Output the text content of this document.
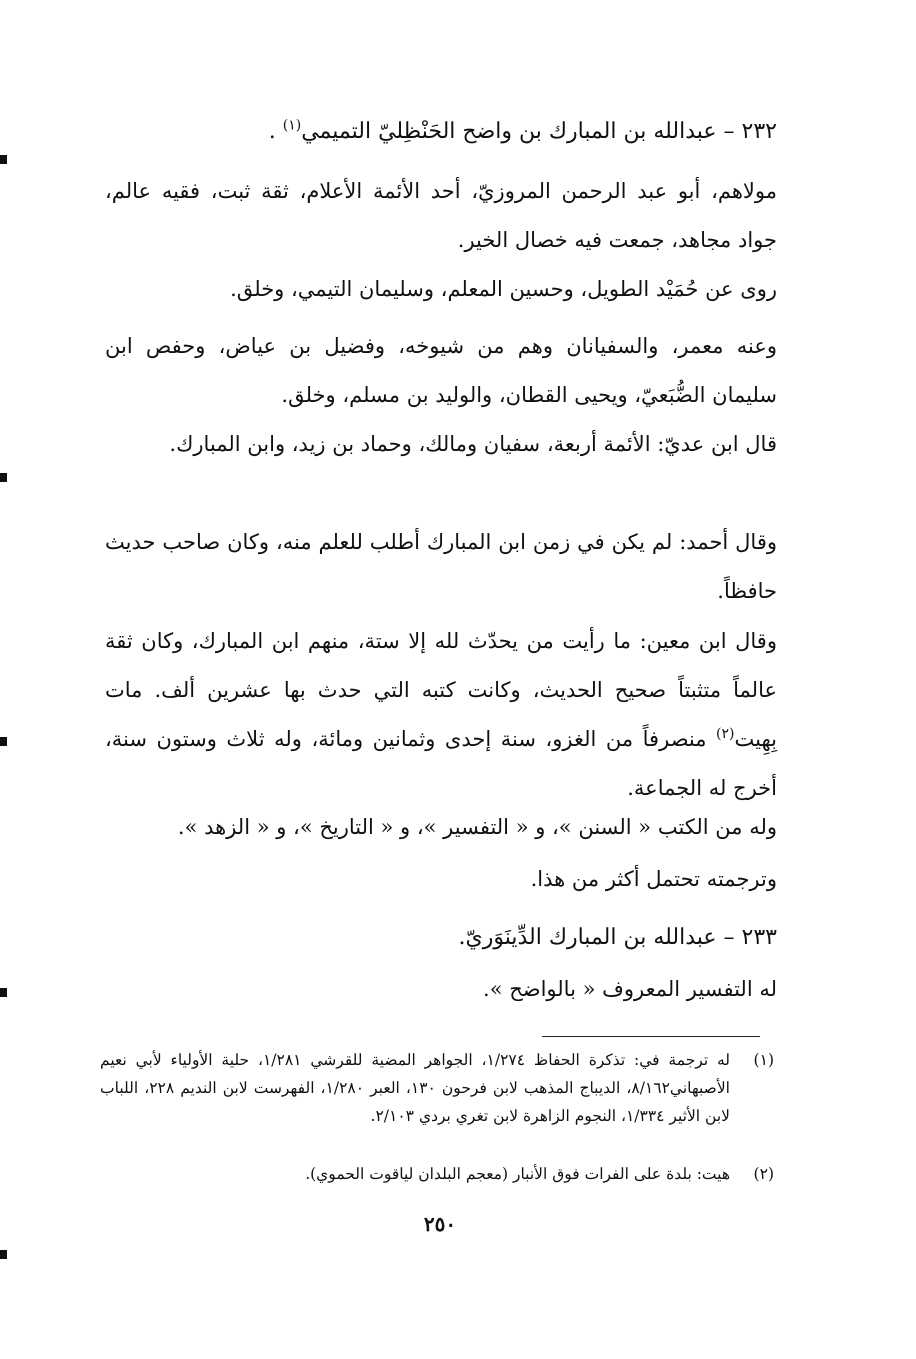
٢٣٢ – عبدالله بن المبارك بن واضح الحَنْظِليّ التميمي$^{(١)}$ .

مولاهم، أبو عبد الرحمن المروزيّ، أحد الأئمة الأعلام، ثقة ثبت، فقيه عالم، جواد مجاهد، جمعت فيه خصال الخير.

روى عن حُمَيْد الطويل، وحسين المعلم، وسليمان التيمي، وخلق.

وعنه معمر، والسفيانان وهم من شيوخه، وفضيل بن عياض، وحفص ابن سليمان الضُّبَعيّ، ويحيى القطان، والوليد بن مسلم، وخلق.

قال ابن عديّ: الأئمة أربعة، سفيان ومالك، وحماد بن زيد، وابن المبارك.

وقال أحمد: لم يكن في زمن ابن المبارك أطلب للعلم منه، وكان صاحب حديث حافظاً.

وقال ابن معين: ما رأيت من يحدّث لله إلا ستة، منهم ابن المبارك، وكان ثقة عالماً متثبتاً صحيح الحديث، وكانت كتبه التي حدث بها عشرين ألف. مات بِهِيت$^{(٢)}$ منصرفاً من الغزو، سنة إحدى وثمانين ومائة، وله ثلاث وستون سنة، أخرج له الجماعة.

وله من الكتب « السنن »، و « التفسير »، و « التاريخ »، و « الزهد ».

وترجمته تحتمل أكثر من هذا.

٢٣٣ – عبدالله بن المبارك الدِّينَوَريّ.

له التفسير المعروف « بالواضح ».

(١)
له ترجمة في: تذكرة الحفاظ ١/٢٧٤، الجواهر المضية للقرشي ١/٢٨١، حلية الأولياء لأبي نعيم الأصبهاني٨/١٦٢، الديباج المذهب لابن فرحون ١٣٠، العبر ١/٢٨٠، الفهرست لابن النديم ٢٢٨، اللباب لابن الأثير ١/٣٣٤، النجوم الزاهرة لابن تغري بردي ٢/١٠٣.
(٢)
هيت: بلدة على الفرات فوق الأنبار (معجم البلدان لياقوت الحموي).
٢٥٠
